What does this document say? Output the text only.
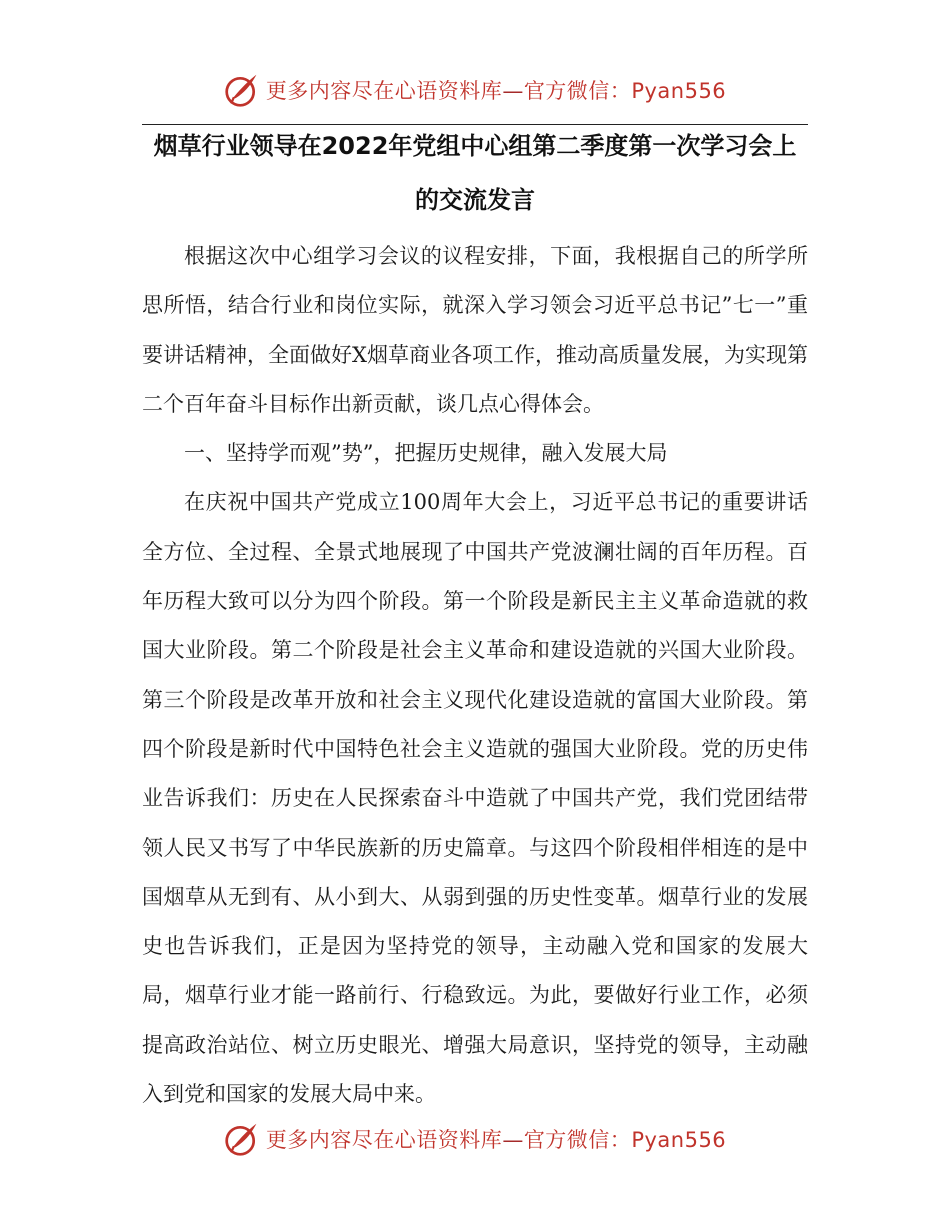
更多内容尽在心语资料库—官方微信：Pyan556
烟草行业领导在2022年党组中心组第二季度第一次学习会上
的交流发言

根据这次中心组学习会议的议程安排，下面，我根据自己的所学所思所悟，结合行业和岗位实际，就深入学习领会习近平总书记”七一”重要讲话精神，全面做好X烟草商业各项工作，推动高质量发展，为实现第二个百年奋斗目标作出新贡献，谈几点心得体会。

一、坚持学而观”势”，把握历史规律，融入发展大局

在庆祝中国共产党成立100周年大会上，习近平总书记的重要讲话全方位、全过程、全景式地展现了中国共产党波澜壮阔的百年历程。百年历程大致可以分为四个阶段。第一个阶段是新民主主义革命造就的救国大业阶段。第二个阶段是社会主义革命和建设造就的兴国大业阶段。第三个阶段是改革开放和社会主义现代化建设造就的富国大业阶段。第四个阶段是新时代中国特色社会主义造就的强国大业阶段。党的历史伟业告诉我们：历史在人民探索奋斗中造就了中国共产党，我们党团结带领人民又书写了中华民族新的历史篇章。与这四个阶段相伴相连的是中国烟草从无到有、从小到大、从弱到强的历史性变革。烟草行业的发展史也告诉我们，正是因为坚持党的领导，主动融入党和国家的发展大局，烟草行业才能一路前行、行稳致远。为此，要做好行业工作，必须提高政治站位、树立历史眼光、增强大局意识，坚持党的领导，主动融入到党和国家的发展大局中来。

更多内容尽在心语资料库—官方微信：Pyan556
